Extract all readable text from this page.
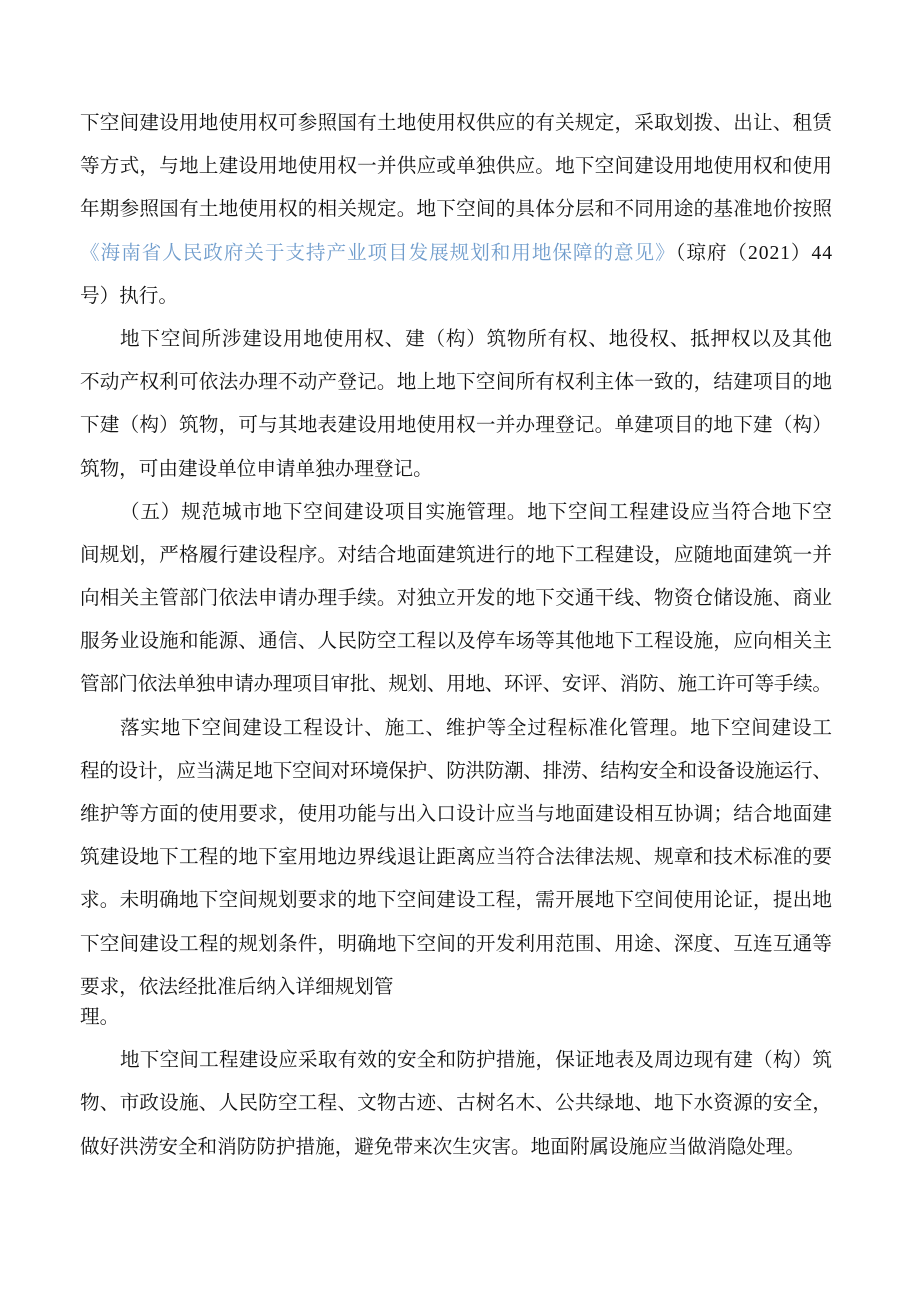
下空间建设用地使用权可参照国有土地使用权供应的有关规定，采取划拨、出让、租赁
等方式，与地上建设用地使用权一并供应或单独供应。地下空间建设用地使用权和使用
年期参照国有土地使用权的相关规定。地下空间的具体分层和不同用途的基准地价按照
《海南省人民政府关于支持产业项目发展规划和用地保障的意见》（琼府（2021）44
号）执行。
地下空间所涉建设用地使用权、建（构）筑物所有权、地役权、抵押权以及其他
不动产权利可依法办理不动产登记。地上地下空间所有权利主体一致的，结建项目的地
下建（构）筑物，可与其地表建设用地使用权一并办理登记。单建项目的地下建（构）
筑物，可由建设单位申请单独办理登记。
（五）规范城市地下空间建设项目实施管理。地下空间工程建设应当符合地下空
间规划，严格履行建设程序。对结合地面建筑进行的地下工程建设，应随地面建筑一并
向相关主管部门依法申请办理手续。对独立开发的地下交通干线、物资仓储设施、商业
服务业设施和能源、通信、人民防空工程以及停车场等其他地下工程设施，应向相关主
管部门依法单独申请办理项目审批、规划、用地、环评、安评、消防、施工许可等手续。
落实地下空间建设工程设计、施工、维护等全过程标准化管理。地下空间建设工
程的设计，应当满足地下空间对环境保护、防洪防潮、排涝、结构安全和设备设施运行、
维护等方面的使用要求，使用功能与出入口设计应当与地面建设相互协调；结合地面建
筑建设地下工程的地下室用地边界线退让距离应当符合法律法规、规章和技术标准的要
求。未明确地下空间规划要求的地下空间建设工程，需开展地下空间使用论证，提出地
下空间建设工程的规划条件，明确地下空间的开发利用范围、用途、深度、互连互通等
要求，依法经批准后纳入详细规划管
理。
地下空间工程建设应采取有效的安全和防护措施，保证地表及周边现有建（构）筑
物、市政设施、人民防空工程、文物古迹、古树名木、公共绿地、地下水资源的安全，
做好洪涝安全和消防防护措施，避免带来次生灾害。地面附属设施应当做消隐处理。
